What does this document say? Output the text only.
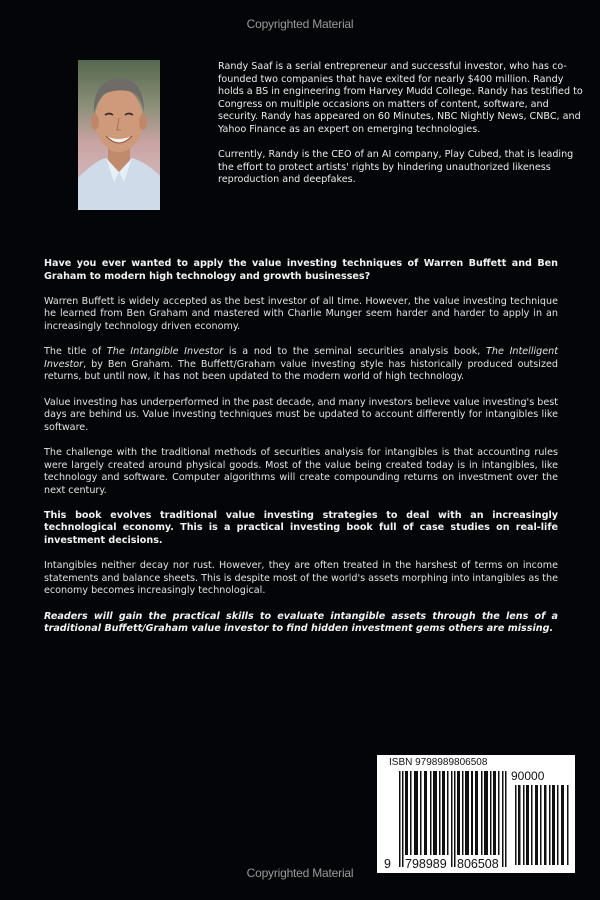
Copyrighted Material

Randy Saaf is a serial entrepreneur and successful investor, who has co-founded two companies that have exited for nearly $400 million. Randy holds a BS in engineering from Harvey Mudd College. Randy has testified to Congress on multiple occasions on matters of content, software, and security. Randy has appeared on 60 Minutes, NBC Nightly News, CNBC, and Yahoo Finance as an expert on emerging technologies.

Currently, Randy is the CEO of an AI company, Play Cubed, that is leading the effort to protect artists' rights by hindering unauthorized likeness reproduction and deepfakes.

Have you ever wanted to apply the value investing techniques of Warren Buffett and Ben Graham to modern high technology and growth businesses?

Warren Buffett is widely accepted as the best investor of all time. However, the value investing technique he learned from Ben Graham and mastered with Charlie Munger seem harder and harder to apply in an increasingly technology driven economy.

The title of The Intangible Investor is a nod to the seminal securities analysis book, The Intelligent Investor, by Ben Graham. The Buffett/Graham value investing style has historically produced outsized returns, but until now, it has not been updated to the modern world of high technology.

Value investing has underperformed in the past decade, and many investors believe value investing's best days are behind us. Value investing techniques must be updated to account differently for intangibles like software.

The challenge with the traditional methods of securities analysis for intangibles is that accounting rules were largely created around physical goods. Most of the value being created today is in intangibles, like technology and software. Computer algorithms will create compounding returns on investment over the next century.

This book evolves traditional value investing strategies to deal with an increasingly technological economy. This is a practical investing book full of case studies on real-life investment decisions.

Intangibles neither decay nor rust. However, they are often treated in the harshest of terms on income statements and balance sheets. This is despite most of the world's assets morphing into intangibles as the economy becomes increasingly technological.

Readers will gain the practical skills to evaluate intangible assets through the lens of a traditional Buffett/Graham value investor to find hidden investment gems others are missing.

ISBN 9798989806508
90000
9 798989 806508
Copyrighted Material
